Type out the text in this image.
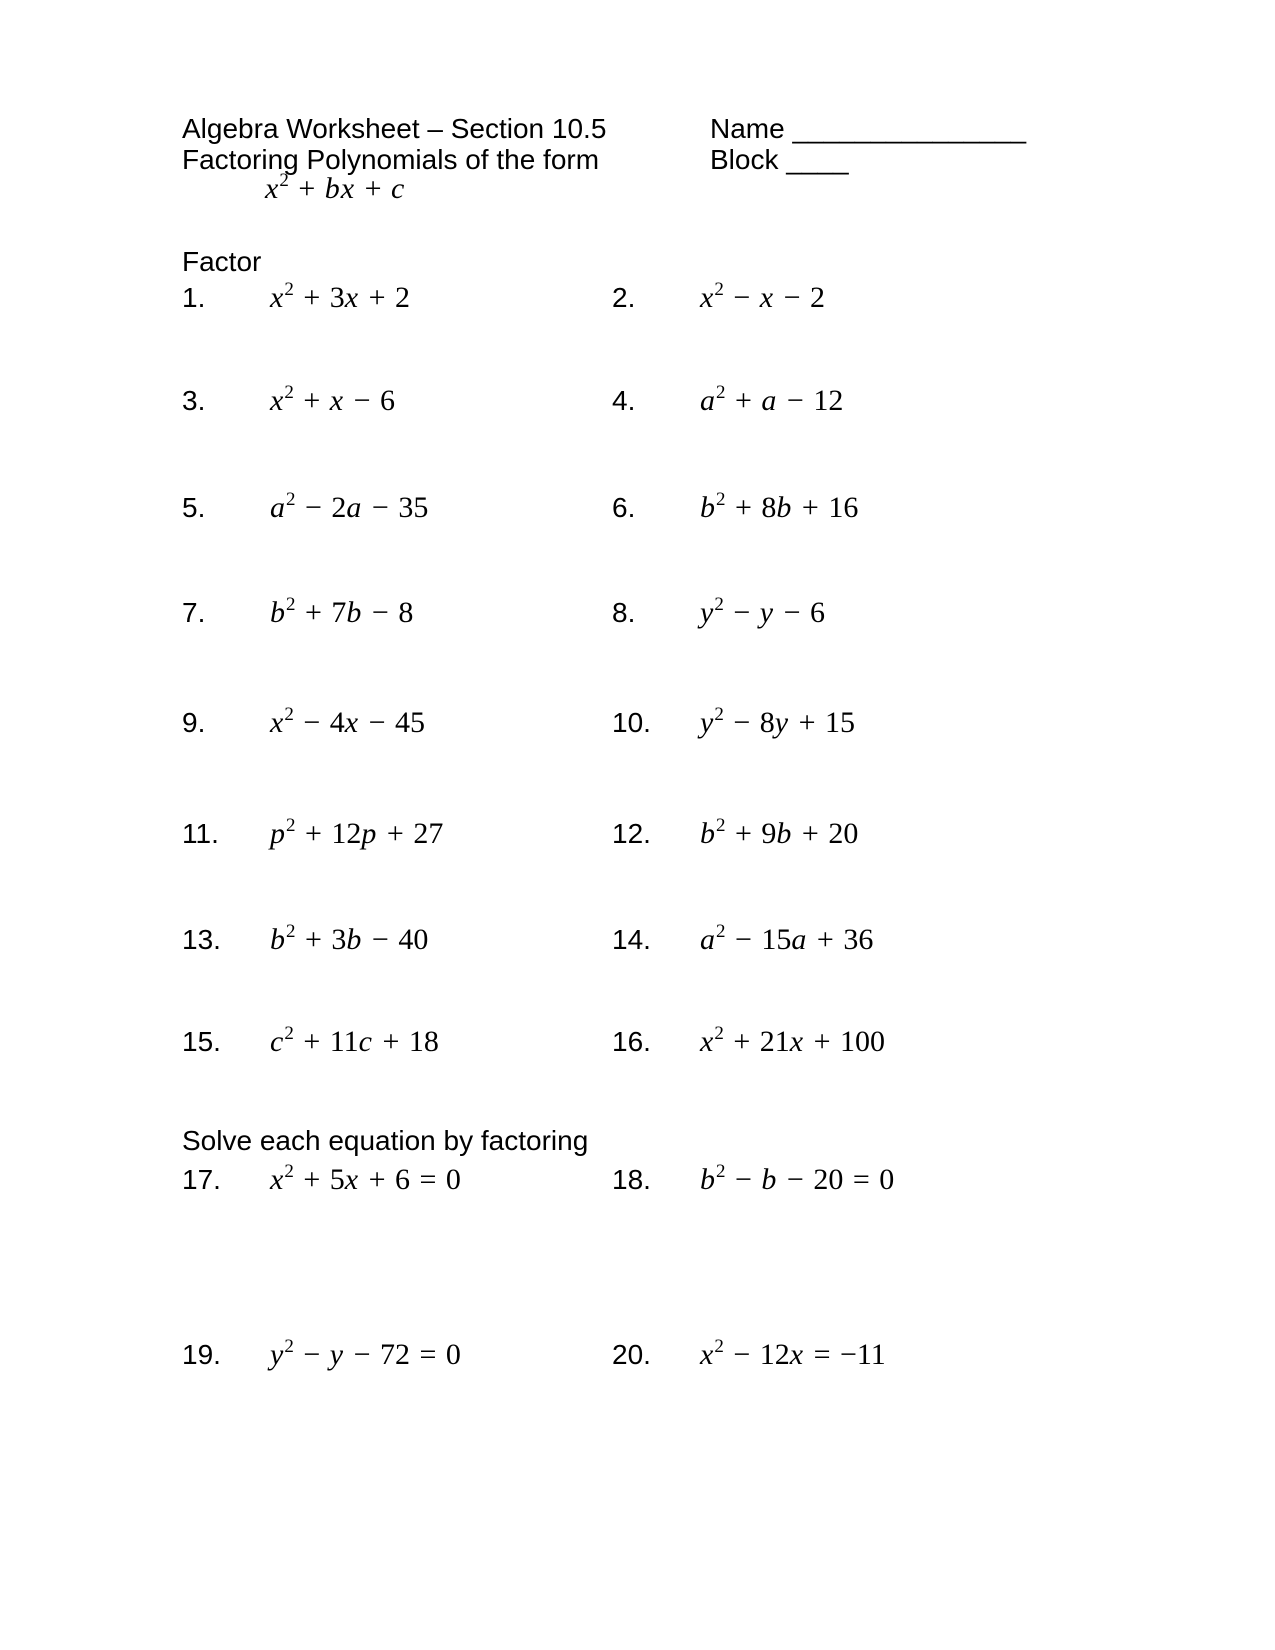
Algebra Worksheet – Section 10.5
Factoring Polynomials of the form
$x^2$ + bx + c
Name _______________
Block ____
Factor
1.	$x^2 + 3x + 2$	2.	$x^2 - x - 2$
3.	$x^2 + x - 6$	4.	$a^2 + a - 12$
5.	$a^2 - 2a - 35$	6.	$b^2 + 8b + 16$
7.	$b^2 + 7b - 8$	8.	$y^2 - y - 6$
9.	$x^2 - 4x - 45$	10.	$y^2 - 8y + 15$
11.	$p^2 + 12p + 27$	12.	$b^2 + 9b + 20$
13.	$b^2 + 3b - 40$	14.	$a^2 - 15a + 36$
15.	$c^2 + 11c + 18$	16.	$x^2 + 21x + 100$
Solve each equation by factoring
17.	$x^2 + 5x + 6 = 0$	18.	$b^2 - b - 20 = 0$
19.	$y^2 - y - 72 = 0$	20.	$x^2 - 12x = -11$
